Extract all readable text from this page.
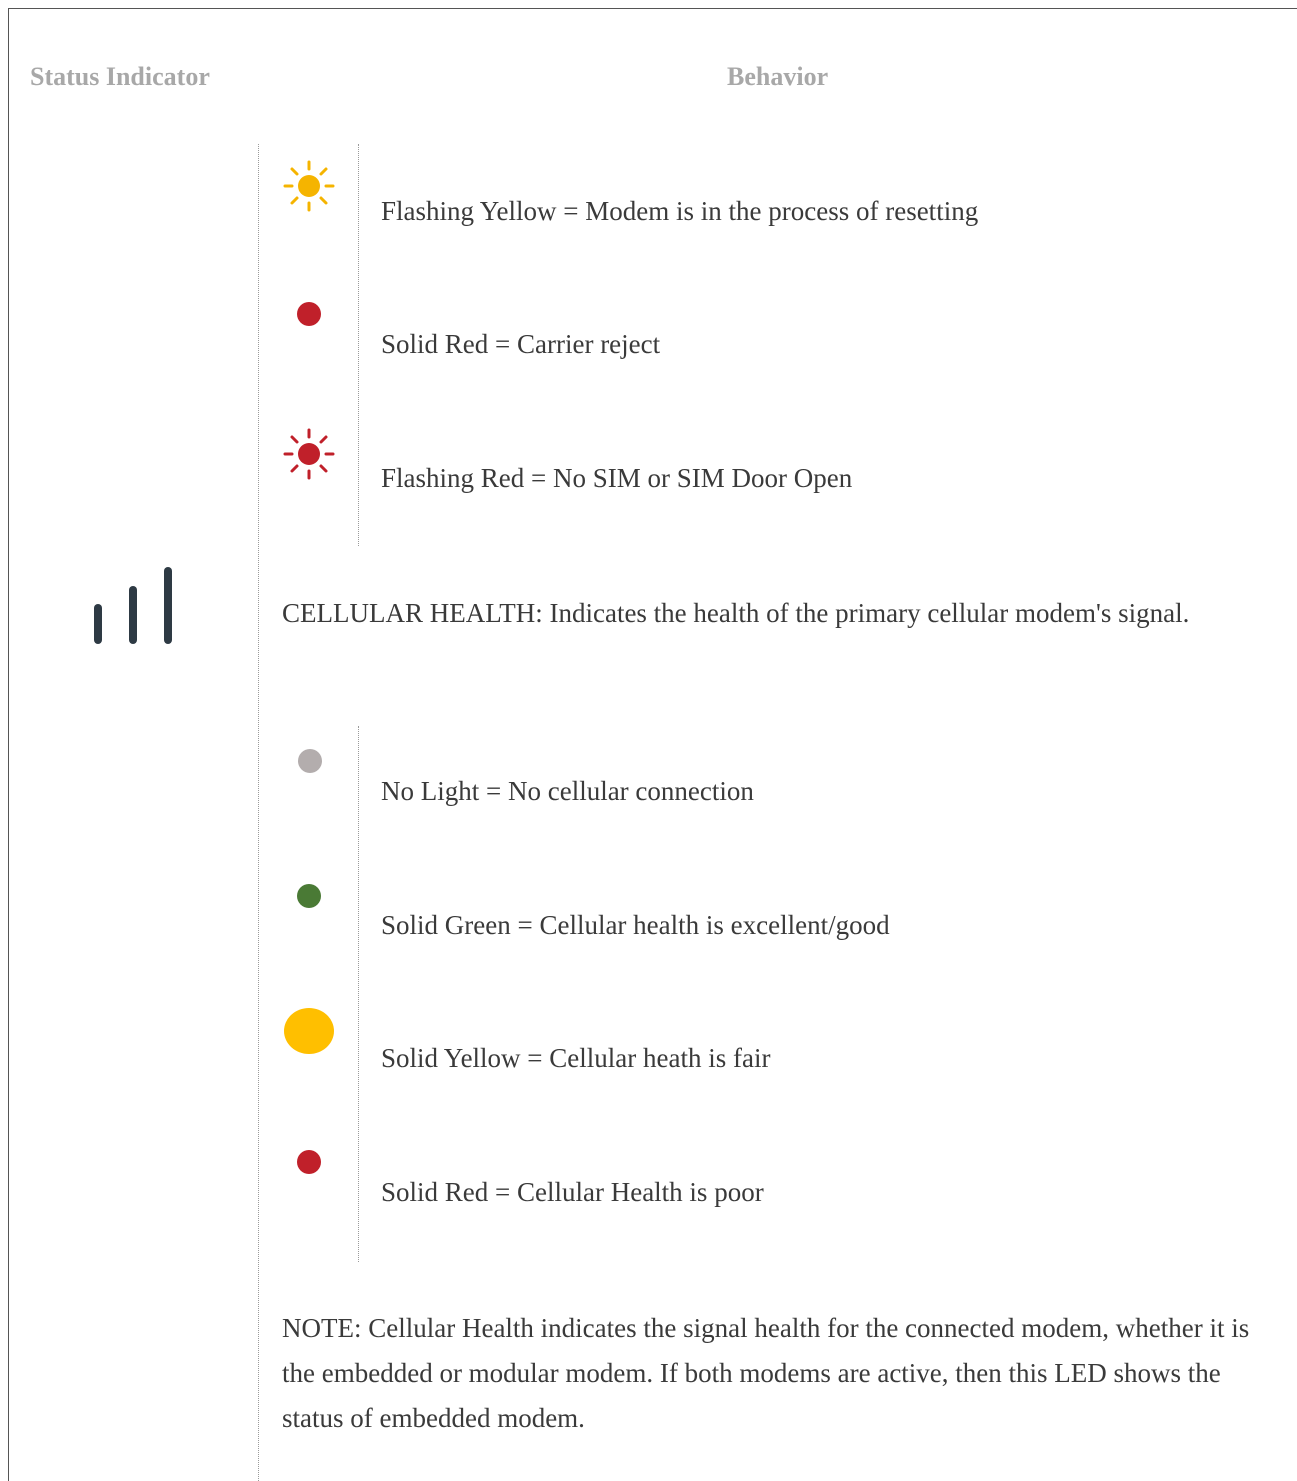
Status Indicator	Behavior
Flashing Yellow = Modem is in the process of resetting
Solid Red = Carrier reject
Flashing Red = No SIM or SIM Door Open
CELLULAR HEALTH: Indicates the health of the primary cellular modem's signal.
No Light = No cellular connection
Solid Green = Cellular health is excellent/good
Solid Yellow = Cellular heath is fair
Solid Red = Cellular Health is poor
NOTE: Cellular Health indicates the signal health for the connected modem, whether it is the embedded or modular modem. If both modems are active, then this LED shows the status of embedded modem.
